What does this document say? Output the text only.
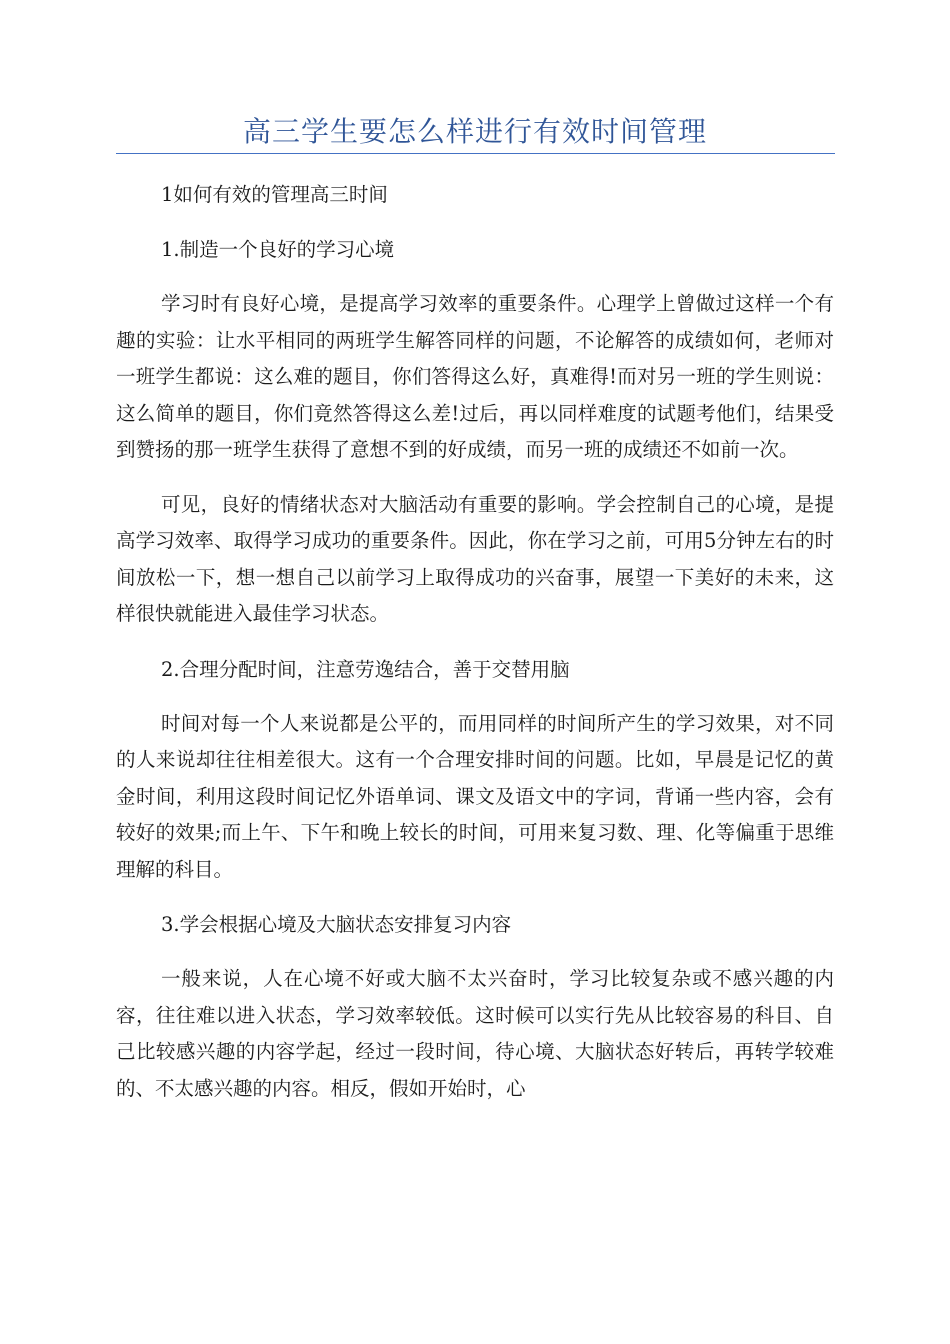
高三学生要怎么样进行有效时间管理

1如何有效的管理高三时间

1.制造一个良好的学习心境

学习时有良好心境，是提高学习效率的重要条件。心理学上曾做过这样一个有趣的实验：让水平相同的两班学生解答同样的问题，不论解答的成绩如何，老师对一班学生都说：这么难的题目，你们答得这么好，真难得!而对另一班的学生则说：这么简单的题目，你们竟然答得这么差!过后，再以同样难度的试题考他们，结果受到赞扬的那一班学生获得了意想不到的好成绩，而另一班的成绩还不如前一次。

可见，良好的情绪状态对大脑活动有重要的影响。学会控制自己的心境，是提高学习效率、取得学习成功的重要条件。因此，你在学习之前，可用5分钟左右的时间放松一下，想一想自己以前学习上取得成功的兴奋事，展望一下美好的未来，这样很快就能进入最佳学习状态。

2.合理分配时间，注意劳逸结合，善于交替用脑

时间对每一个人来说都是公平的，而用同样的时间所产生的学习效果，对不同的人来说却往往相差很大。这有一个合理安排时间的问题。比如，早晨是记忆的黄金时间，利用这段时间记忆外语单词、课文及语文中的字词，背诵一些内容，会有较好的效果;而上午、下午和晚上较长的时间，可用来复习数、理、化等偏重于思维理解的科目。

3.学会根据心境及大脑状态安排复习内容

一般来说，人在心境不好或大脑不太兴奋时，学习比较复杂或不感兴趣的内容，往往难以进入状态，学习效率较低。这时候可以实行先从比较容易的科目、自己比较感兴趣的内容学起，经过一段时间，待心境、大脑状态好转后，再转学较难的、不太感兴趣的内容。相反，假如开始时，心
